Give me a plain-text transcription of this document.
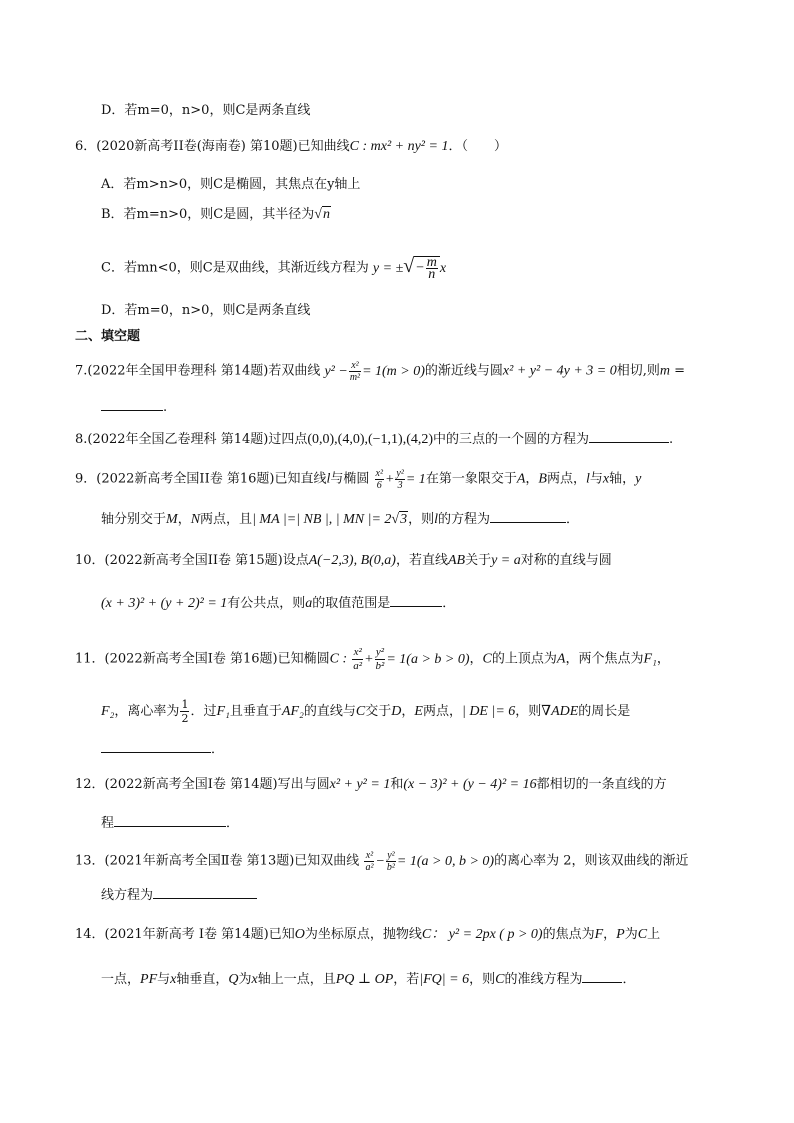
D．若m=0，n>0，则C是两条直线
6．(2020新高考II卷(海南卷) 第10题)已知曲线C : mx² + ny² = 1．（　　）
A．若m>n>0，则C是椭圆，其焦点在y轴上
B．若m=n>0，则C是圆，其半径为√n
C．若mn<0，则C是双曲线，其渐近线方程为 y = ±√− $\frac{m}{n}$ x
D．若m=0，n>0，则C是两条直线
二、填空题
7.(2022年全国甲卷理科 第14题)若双曲线 $y^2 - \frac{\text{x²}}{\text{m²}} = 1(m > 0)$的渐近线与圆x² + y² − 4y + 3 = 0相切,则m =
.
8.(2022年全国乙卷理科 第14题)过四点(0,0),(4,0),(−1,1),(4,2)中的三点的一个圆的方程为	.
9．(2022新高考全国II卷 第16题)已知直线l与椭圆 $\frac{\text{x²}}{6} + \frac{\text{y²}}{3} = 1$在第一象限交于A，B两点，l与x轴，y
轴分别交于M，N两点，且| MA |=| NB |, | MN |= 2√3，则l的方程为	．
10．(2022新高考全国II卷 第15题)设点A(−2,3), B(0,a)，若直线AB关于y = a对称的直线与圆
(x + 3)² + (y + 2)² = 1有公共点，则a的取值范围是	．
11．(2022新高考全国I卷 第16题)已知椭圆C : $\frac{\text{x²}}{\text{a²}} + \frac{\text{y²}}{\text{b²}} = 1(a > b > 0)$，C的上顶点为A，两个焦点为F₁，
F₂，离心率为 $\frac{1}{2}$ ．过F₁且垂直于AF₂的直线与C交于D，E两点，| DE |= 6，则∇ADE的周长是
．
12．(2022新高考全国I卷 第14题)写出与圆x² + y² = 1和(x − 3)² + (y − 4)² = 16都相切的一条直线的方
程	．
13．(2021年新高考全国Ⅱ卷 第13题)已知双曲线 $\frac{\text{x²}}{\text{a²}} - \frac{\text{y²}}{\text{b²}} = 1(a > 0$, b > 0)的离心率为 2，则该双曲线的渐近
线方程为
14．(2021年新高考 I卷 第14题)已知O为坐标原点，抛物线C： y² = 2px ( p > 0)的焦点为F，P为C上
一点，PF与x轴垂直，Q为x轴上一点，且PQ ⊥ OP，若|FQ| = 6，则C的准线方程为	．
